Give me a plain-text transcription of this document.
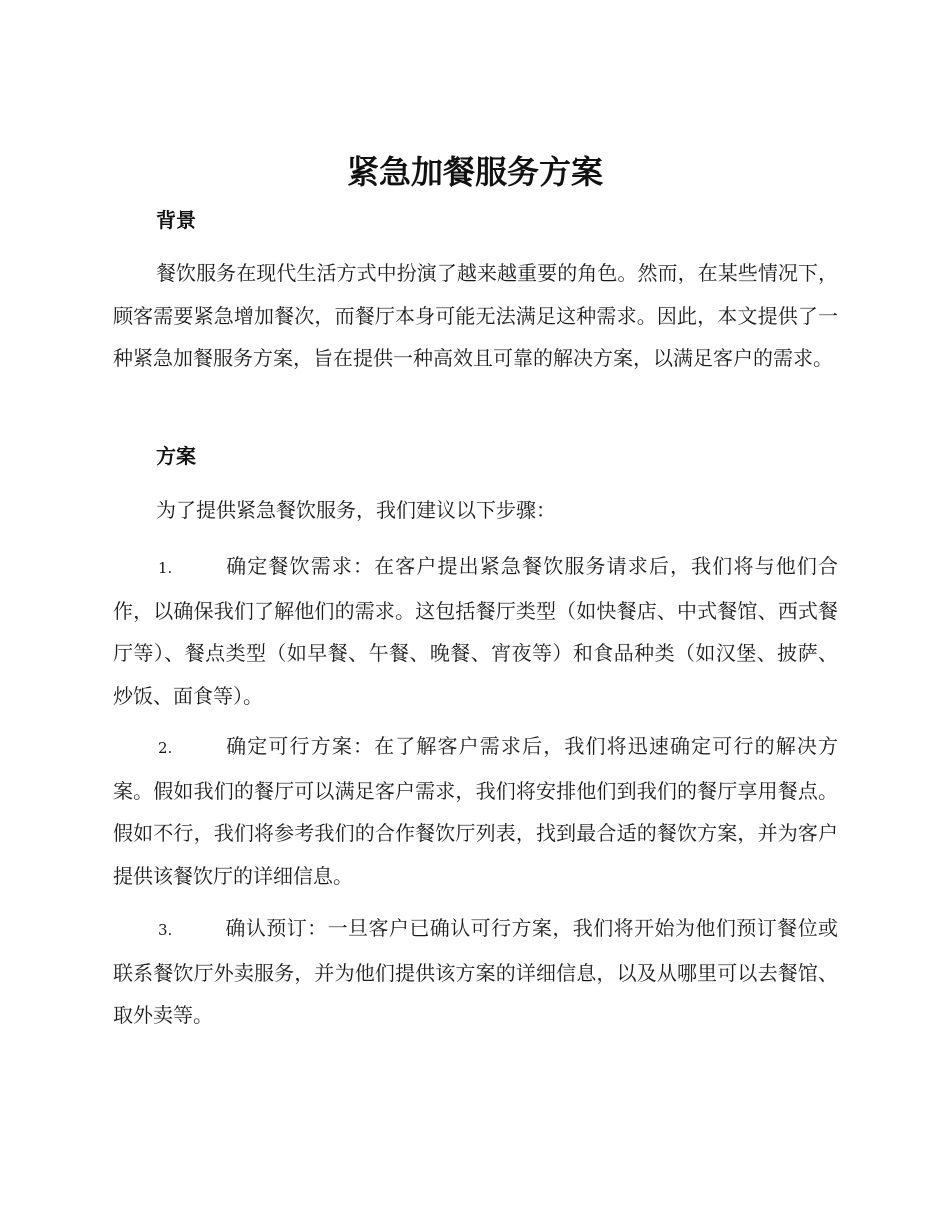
紧急加餐服务方案
背景

餐饮服务在现代生活方式中扮演了越来越重要的角色。然而，在某些情况下，顾客需要紧急增加餐次，而餐厅本身可能无法满足这种需求。因此，本文提供了一种紧急加餐服务方案，旨在提供一种高效且可靠的解决方案，以满足客户的需求。

方案

为了提供紧急餐饮服务，我们建议以下步骤：

1.	确定餐饮需求：在客户提出紧急餐饮服务请求后，我们将与他们合作，以确保我们了解他们的需求。这包括餐厅类型（如快餐店、中式餐馆、西式餐厅等）、餐点类型（如早餐、午餐、晚餐、宵夜等）和食品种类（如汉堡、披萨、炒饭、面食等）。
2.	确定可行方案：在了解客户需求后，我们将迅速确定可行的解决方案。假如我们的餐厅可以满足客户需求，我们将安排他们到我们的餐厅享用餐点。假如不行，我们将参考我们的合作餐饮厅列表，找到最合适的餐饮方案，并为客户提供该餐饮厅的详细信息。
3.	确认预订：一旦客户已确认可行方案，我们将开始为他们预订餐位或联系餐饮厅外卖服务，并为他们提供该方案的详细信息，以及从哪里可以去餐馆、取外卖等。
